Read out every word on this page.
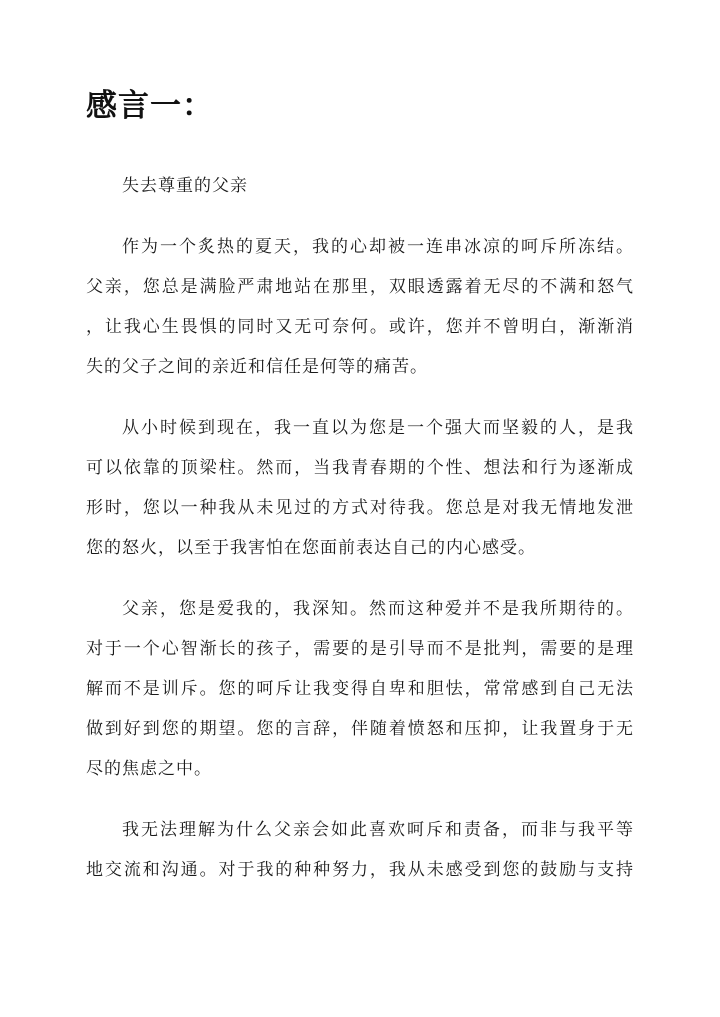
感言一：

失去尊重的父亲

作为一个炙热的夏天，我的心却被一连串冰凉的呵斥所冻结。
父亲，您总是满脸严肃地站在那里，双眼透露着无尽的不满和怒气
，让我心生畏惧的同时又无可奈何。或许，您并不曾明白，渐渐消
失的父子之间的亲近和信任是何等的痛苦。

从小时候到现在，我一直以为您是一个强大而坚毅的人，是我
可以依靠的顶梁柱。然而，当我青春期的个性、想法和行为逐渐成
形时，您以一种我从未见过的方式对待我。您总是对我无情地发泄
您的怒火，以至于我害怕在您面前表达自己的内心感受。

父亲，您是爱我的，我深知。然而这种爱并不是我所期待的。
对于一个心智渐长的孩子，需要的是引导而不是批判，需要的是理
解而不是训斥。您的呵斥让我变得自卑和胆怯，常常感到自己无法
做到好到您的期望。您的言辞，伴随着愤怒和压抑，让我置身于无
尽的焦虑之中。

我无法理解为什么父亲会如此喜欢呵斥和责备，而非与我平等
地交流和沟通。对于我的种种努力，我从未感受到您的鼓励与支持
